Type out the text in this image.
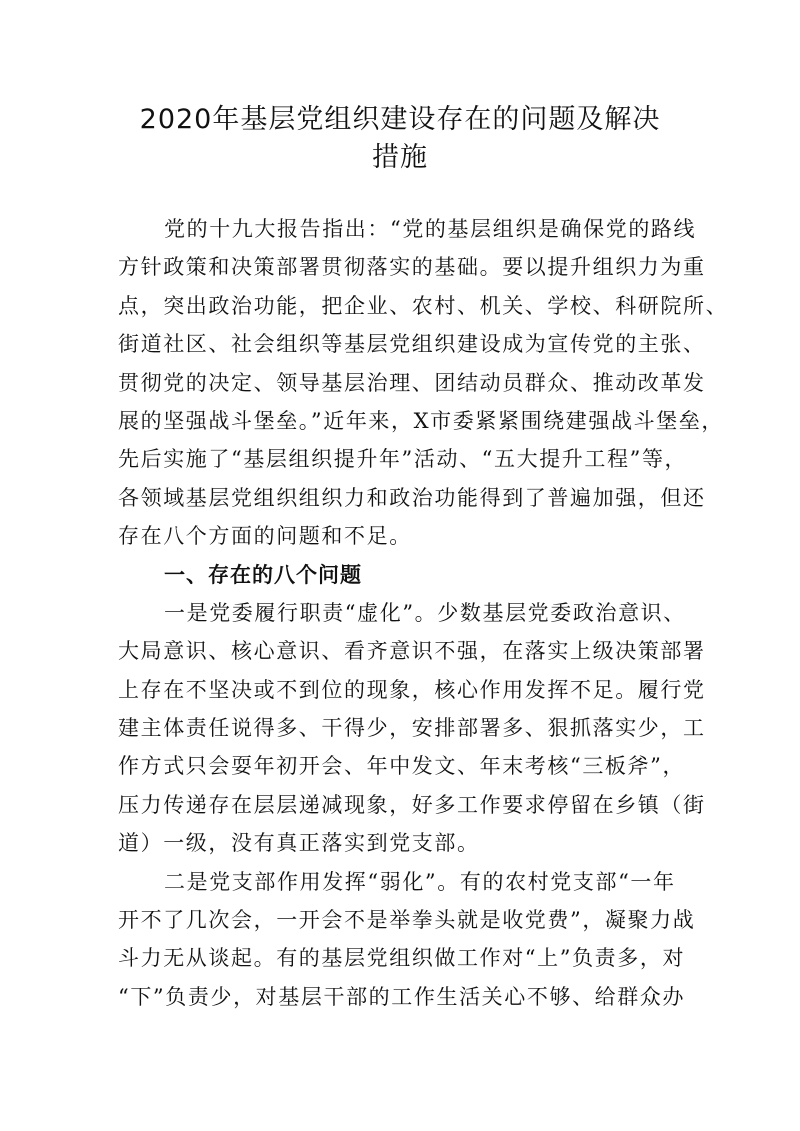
2020年基层党组织建设存在的问题及解决
措施
党的十九大报告指出：“党的基层组织是确保党的路线
方针政策和决策部署贯彻落实的基础。要以提升组织力为重
点，突出政治功能，把企业、农村、机关、学校、科研院所、
街道社区、社会组织等基层党组织建设成为宣传党的主张、
贯彻党的决定、领导基层治理、团结动员群众、推动改革发
展的坚强战斗堡垒。”近年来，X市委紧紧围绕建强战斗堡垒，
先后实施了“基层组织提升年”活动、“五大提升工程”等，
各领域基层党组织组织力和政治功能得到了普遍加强，但还
存在八个方面的问题和不足。
一、存在的八个问题
一是党委履行职责“虚化”。少数基层党委政治意识、
大局意识、核心意识、看齐意识不强，在落实上级决策部署
上存在不坚决或不到位的现象，核心作用发挥不足。履行党
建主体责任说得多、干得少，安排部署多、狠抓落实少，工
作方式只会耍年初开会、年中发文、年末考核“三板斧”，
压力传递存在层层递减现象，好多工作要求停留在乡镇（街
道）一级，没有真正落实到党支部。
二是党支部作用发挥“弱化”。有的农村党支部“一年
开不了几次会，一开会不是举拳头就是收党费”，凝聚力战
斗力无从谈起。有的基层党组织做工作对“上”负责多，对
“下”负责少，对基层干部的工作生活关心不够、给群众办
